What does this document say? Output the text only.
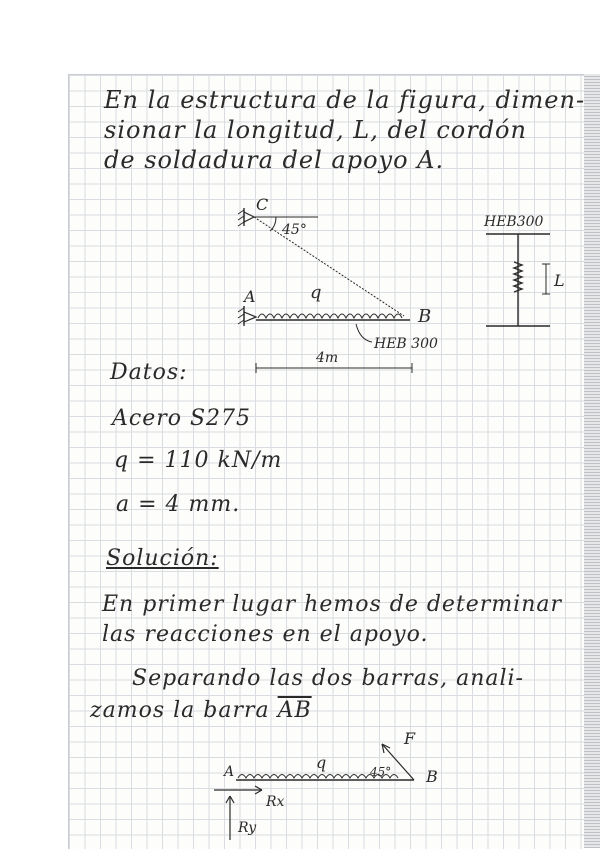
En la estructura de la figura, dimen-
sionar la longitud, L, del cordón
de soldadura del apoyo A.
C
45°
A	q
B
HEB 300
4m
HEB300
L
A	q	45°
F
B
Rx
Ry
Datos:
Acero S275
q = 110 kN/m
a = 4 mm.
Solución:
En primer lugar hemos de determinar
las reacciones en el apoyo.
Separando las dos barras, anali-
zamos la barra $\overline{AB}$
